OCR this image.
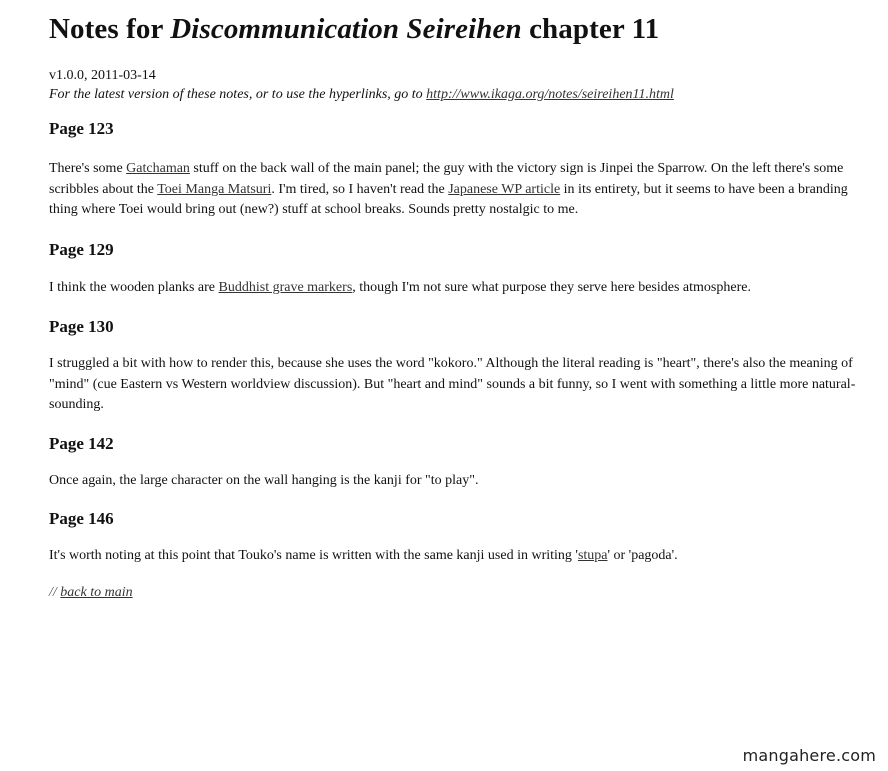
Notes for Discommunication Seireihen chapter 11
v1.0.0, 2011-03-14
For the latest version of these notes, or to use the hyperlinks, go to http://www.ikaga.org/notes/seireihen11.html
Page 123

There's some Gatchaman stuff on the back wall of the main panel; the guy with the victory sign is Jinpei the Sparrow. On the left there's some scribbles about the Toei Manga Matsuri. I'm tired, so I haven't read the Japanese WP article in its entirety, but it seems to have been a branding thing where Toei would bring out (new?) stuff at school breaks. Sounds pretty nostalgic to me.

Page 129

I think the wooden planks are Buddhist grave markers, though I'm not sure what purpose they serve here besides atmosphere.

Page 130

I struggled a bit with how to render this, because she uses the word "kokoro." Although the literal reading is "heart", there's also the meaning of "mind" (cue Eastern vs Western worldview discussion). But "heart and mind" sounds a bit funny, so I went with something a little more natural-sounding.

Page 142

Once again, the large character on the wall hanging is the kanji for "to play".

Page 146

It's worth noting at this point that Touko's name is written with the same kanji used in writing 'stupa' or 'pagoda'.

// back to main
mangahere.com
